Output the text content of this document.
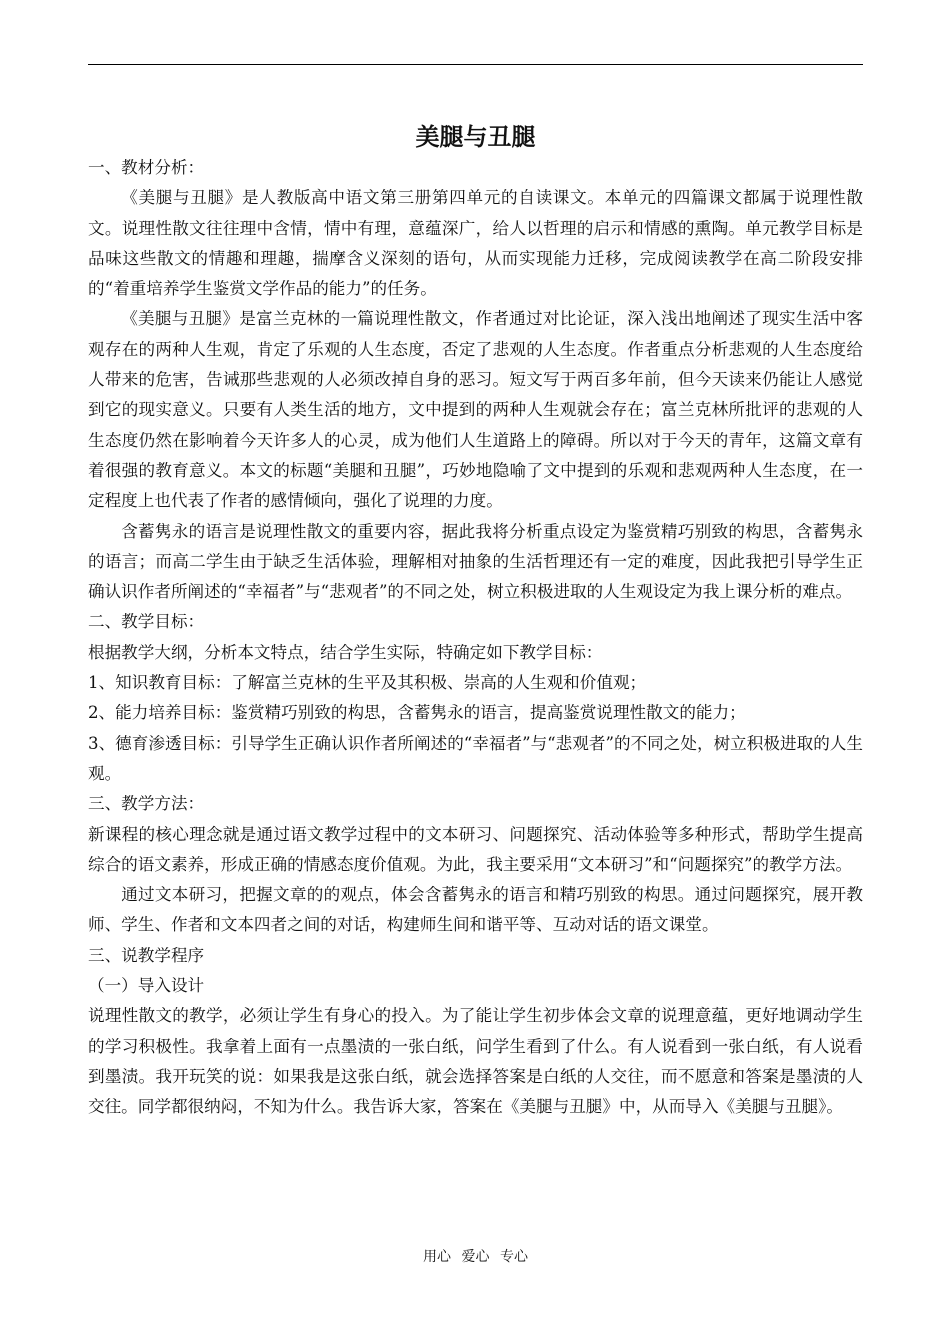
美腿与丑腿

一、教材分析：

《美腿与丑腿》是人教版高中语文第三册第四单元的自读课文。本单元的四篇课文都属于说理性散文。说理性散文往往理中含情，情中有理，意蕴深广，给人以哲理的启示和情感的熏陶。单元教学目标是品味这些散文的情趣和理趣，揣摩含义深刻的语句，从而实现能力迁移，完成阅读教学在高二阶段安排的“着重培养学生鉴赏文学作品的能力”的任务。

《美腿与丑腿》是富兰克林的一篇说理性散文，作者通过对比论证，深入浅出地阐述了现实生活中客观存在的两种人生观，肯定了乐观的人生态度，否定了悲观的人生态度。作者重点分析悲观的人生态度给人带来的危害，告诫那些悲观的人必须改掉自身的恶习。短文写于两百多年前，但今天读来仍能让人感觉到它的现实意义。只要有人类生活的地方，文中提到的两种人生观就会存在；富兰克林所批评的悲观的人生态度仍然在影响着今天许多人的心灵，成为他们人生道路上的障碍。所以对于今天的青年，这篇文章有着很强的教育意义。本文的标题“美腿和丑腿”，巧妙地隐喻了文中提到的乐观和悲观两种人生态度，在一定程度上也代表了作者的感情倾向，强化了说理的力度。

含蓄隽永的语言是说理性散文的重要内容，据此我将分析重点设定为鉴赏精巧别致的构思，含蓄隽永的语言；而高二学生由于缺乏生活体验，理解相对抽象的生活哲理还有一定的难度，因此我把引导学生正确认识作者所阐述的“幸福者”与“悲观者”的不同之处，树立积极进取的人生观设定为我上课分析的难点。

二、教学目标：

根据教学大纲，分析本文特点，结合学生实际，特确定如下教学目标：

1、知识教育目标：了解富兰克林的生平及其积极、崇高的人生观和价值观；

2、能力培养目标：鉴赏精巧别致的构思，含蓄隽永的语言，提高鉴赏说理性散文的能力；

3、德育渗透目标：引导学生正确认识作者所阐述的“幸福者”与“悲观者”的不同之处，树立积极进取的人生观。

三、教学方法：

新课程的核心理念就是通过语文教学过程中的文本研习、问题探究、活动体验等多种形式，帮助学生提高综合的语文素养，形成正确的情感态度价值观。为此，我主要采用“文本研习”和“问题探究”的教学方法。

通过文本研习，把握文章的的观点，体会含蓄隽永的语言和精巧别致的构思。通过问题探究，展开教师、学生、作者和文本四者之间的对话，构建师生间和谐平等、互动对话的语文课堂。

三、说教学程序

（一）导入设计

说理性散文的教学，必须让学生有身心的投入。为了能让学生初步体会文章的说理意蕴，更好地调动学生的学习积极性。我拿着上面有一点墨渍的一张白纸，问学生看到了什么。有人说看到一张白纸，有人说看到墨渍。我开玩笑的说：如果我是这张白纸，就会选择答案是白纸的人交往，而不愿意和答案是墨渍的人交往。同学都很纳闷，不知为什么。我告诉大家，答案在《美腿与丑腿》中，从而导入《美腿与丑腿》。

用心 爱心 专心
